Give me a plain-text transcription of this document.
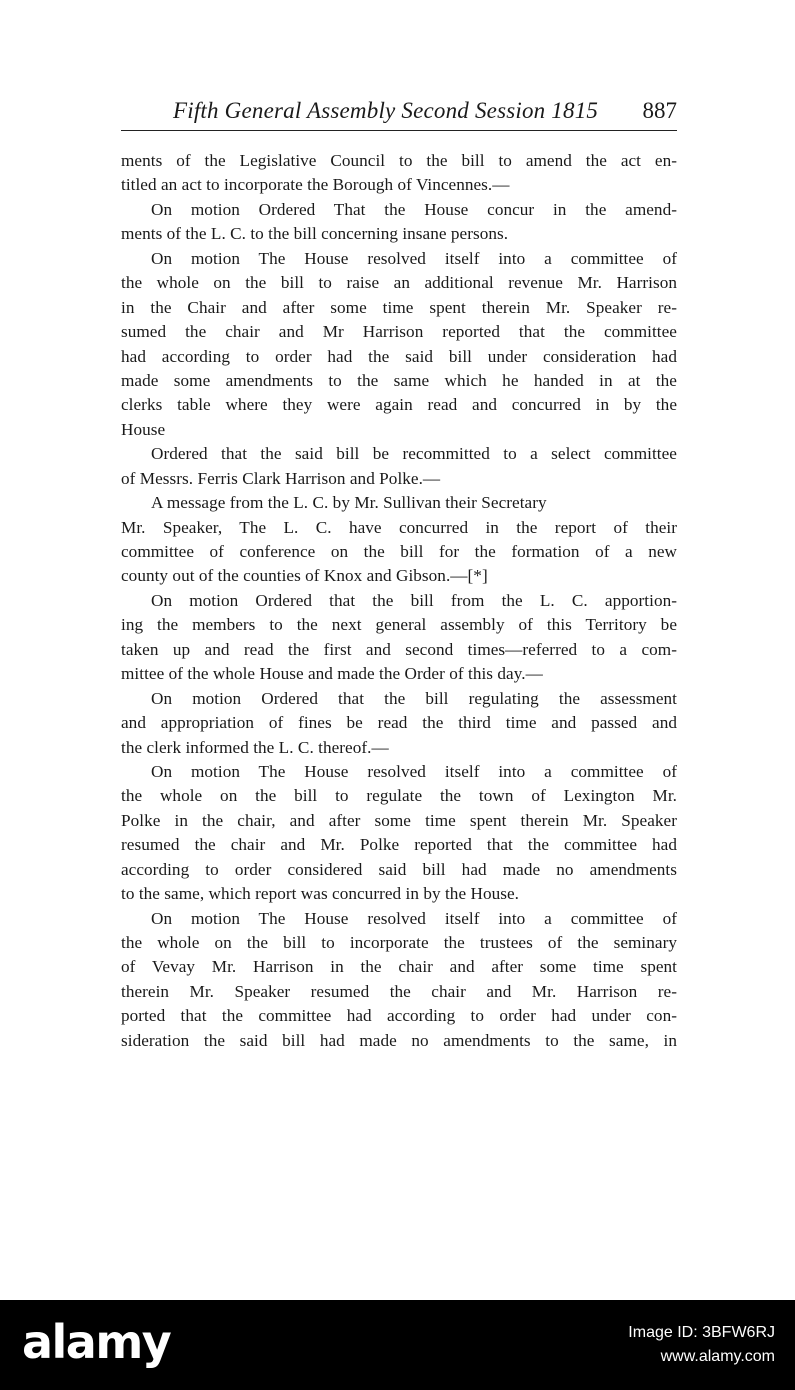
Fifth General Assembly Second Session 1815 887
ments of the Legislative Council to the bill to amend the act en-
titled an act to incorporate the Borough of Vincennes.—
On motion Ordered That the House concur in the amend-
ments of the L. C. to the bill concerning insane persons.
On motion The House resolved itself into a committee of
the whole on the bill to raise an additional revenue Mr. Harrison
in the Chair and after some time spent therein Mr. Speaker re-
sumed the chair and Mr Harrison reported that the committee
had according to order had the said bill under consideration had
made some amendments to the same which he handed in at the
clerks table where they were again read and concurred in by the
House
Ordered that the said bill be recommitted to a select committee
of Messrs. Ferris Clark Harrison and Polke.—
A message from the L. C. by Mr. Sullivan their Secretary
Mr. Speaker, The L. C. have concurred in the report of their
committee of conference on the bill for the formation of a new
county out of the counties of Knox and Gibson.—[*]
On motion Ordered that the bill from the L. C. apportion-
ing the members to the next general assembly of this Territory be
taken up and read the first and second times—referred to a com-
mittee of the whole House and made the Order of this day.—
On motion Ordered that the bill regulating the assessment
and appropriation of fines be read the third time and passed and
the clerk informed the L. C. thereof.—
On motion The House resolved itself into a committee of
the whole on the bill to regulate the town of Lexington Mr.
Polke in the chair, and after some time spent therein Mr. Speaker
resumed the chair and Mr. Polke reported that the committee had
according to order considered said bill had made no amendments
to the same, which report was concurred in by the House.
On motion The House resolved itself into a committee of
the whole on the bill to incorporate the trustees of the seminary
of Vevay Mr. Harrison in the chair and after some time spent
therein Mr. Speaker resumed the chair and Mr. Harrison re-
ported that the committee had according to order had under con-
sideration the said bill had made no amendments to the same, in
alamy	Image ID: 3BFW6RJ
www.alamy.com
